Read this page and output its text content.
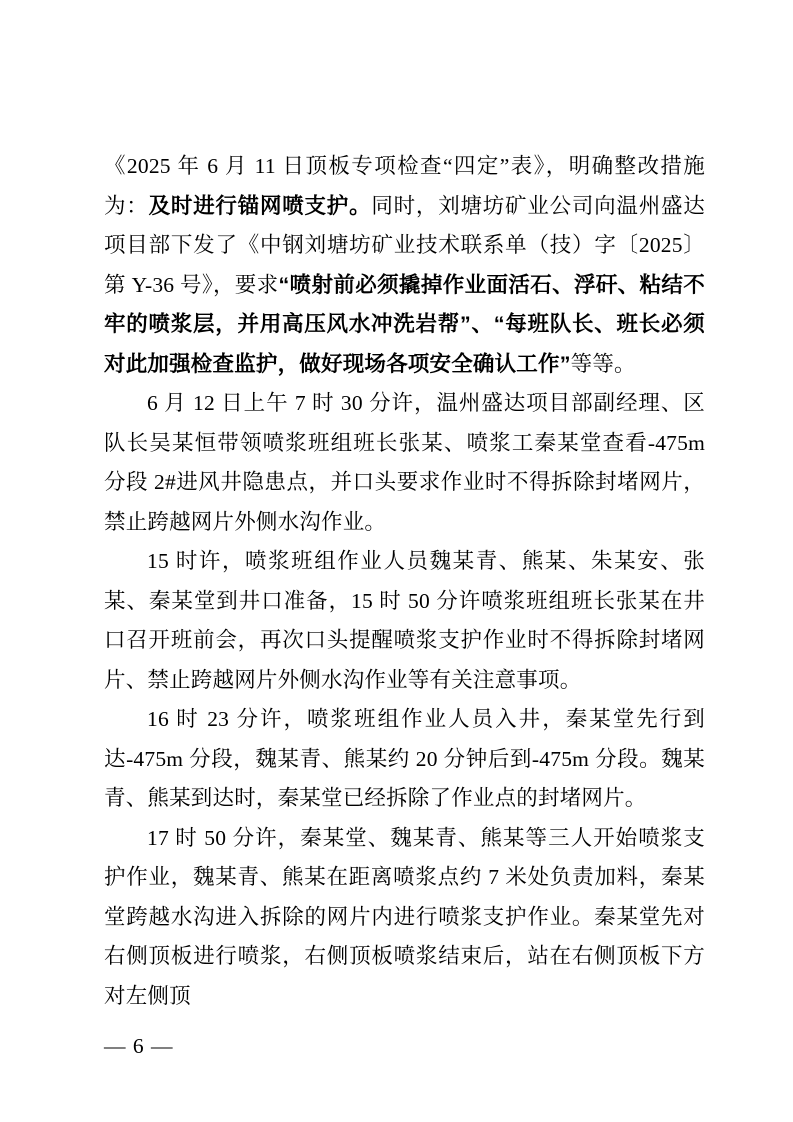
《2025 年 6 月 11 日顶板专项检查“四定”表》，明确整改措施为：及时进行锚网喷支护。同时，刘塘坊矿业公司向温州盛达项目部下发了《中钢刘塘坊矿业技术联系单（技）字〔2025〕第 Y-36 号》，要求“喷射前必须撬掉作业面活石、浮矸、粘结不牢的喷浆层，并用高压风水冲洗岩帮”、“每班队长、班长必须对此加强检查监护，做好现场各项安全确认工作”等等。

6 月 12 日上午 7 时 30 分许，温州盛达项目部副经理、区队长吴某恒带领喷浆班组班长张某、喷浆工秦某堂查看-475m 分段 2#进风井隐患点，并口头要求作业时不得拆除封堵网片，禁止跨越网片外侧水沟作业。

15 时许，喷浆班组作业人员魏某青、熊某、朱某安、张某、秦某堂到井口准备，15 时 50 分许喷浆班组班长张某在井口召开班前会，再次口头提醒喷浆支护作业时不得拆除封堵网片、禁止跨越网片外侧水沟作业等有关注意事项。

16 时 23 分许，喷浆班组作业人员入井，秦某堂先行到达-475m 分段，魏某青、熊某约 20 分钟后到-475m 分段。魏某青、熊某到达时，秦某堂已经拆除了作业点的封堵网片。

17 时 50 分许，秦某堂、魏某青、熊某等三人开始喷浆支护作业，魏某青、熊某在距离喷浆点约 7 米处负责加料，秦某堂跨越水沟进入拆除的网片内进行喷浆支护作业。秦某堂先对右侧顶板进行喷浆，右侧顶板喷浆结束后，站在右侧顶板下方对左侧顶

— 6 —
